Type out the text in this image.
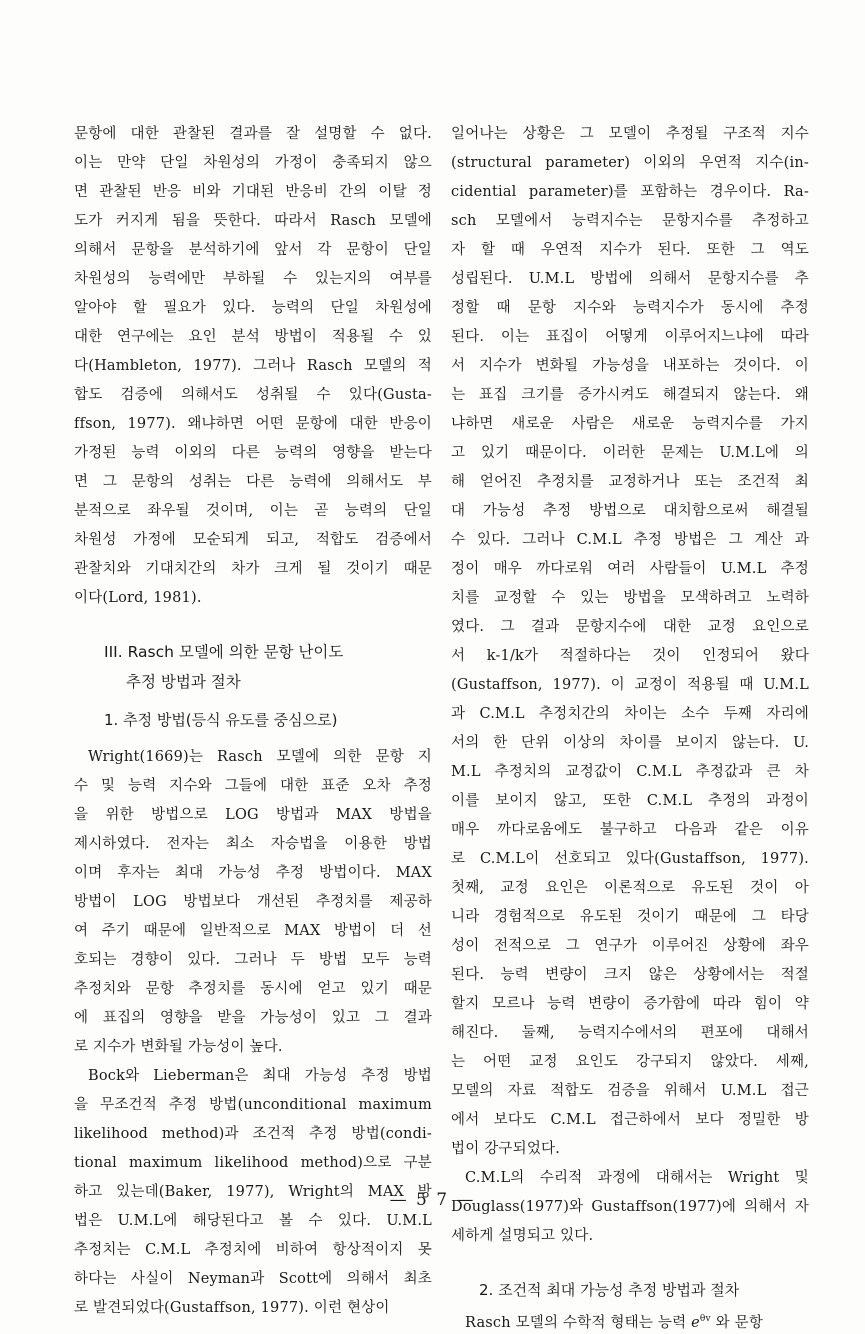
문항에 대한 관찰된 결과를 잘 설명할 수 없다.
이는 만약 단일 차원성의 가정이 충족되지 않으
면 관찰된 반응 비와 기대된 반응비 간의 이탈 정
도가 커지게 됨을 뜻한다. 따라서 Rasch 모델에
의해서 문항을 분석하기에 앞서 각 문항이 단일
차원성의 능력에만 부하될 수 있는지의 여부를
알아야 할 필요가 있다. 능력의 단일 차원성에
대한 연구에는 요인 분석 방법이 적용될 수 있
다(Hambleton, 1977). 그러나 Rasch 모델의 적
합도 검증에 의해서도 성취될 수 있다(Gusta-
ffson, 1977). 왜냐하면 어떤 문항에 대한 반응이
가정된 능력 이외의 다른 능력의 영향을 받는다
면 그 문항의 성취는 다른 능력에 의해서도 부
분적으로 좌우될 것이며, 이는 곧 능력의 단일
차원성 가정에 모순되게 되고, 적합도 검증에서
관찰치와 기대치간의 차가 크게 될 것이기 때문
이다(Lord, 1981).
III. Rasch 모델에 의한 문항 난이도
추정 방법과 절차
1. 추정 방법(등식 유도를 중심으로)
Wright(1669)는 Rasch 모델에 의한 문항 지
수 및 능력 지수와 그들에 대한 표준 오차 추정
을 위한 방법으로 LOG 방법과 MAX 방법을
제시하였다. 전자는 최소 자승법을 이용한 방법
이며 후자는 최대 가능성 추정 방법이다. MAX
방법이 LOG 방법보다 개선된 추정치를 제공하
여 주기 때문에 일반적으로 MAX 방법이 더 선
호되는 경향이 있다. 그러나 두 방법 모두 능력
추정치와 문항 추정치를 동시에 얻고 있기 때문
에 표집의 영향을 받을 가능성이 있고 그 결과
로 지수가 변화될 가능성이 높다.
Bock와 Lieberman은 최대 가능성 추정 방법
을 무조건적 추정 방법(unconditional maximum
likelihood method)과 조건적 추정 방법(condi-
tional maximum likelihood method)으로 구분
하고 있는데(Baker, 1977), Wright의 MAX 방
법은 U.M.L에 해당된다고 볼 수 있다. U.M.L
추정치는 C.M.L 추정치에 비하여 항상적이지 못
하다는 사실이 Neyman과 Scott에 의해서 최초
로 발견되었다(Gustaffson, 1977). 이런 현상이
일어나는 상황은 그 모델이 추정될 구조적 지수
(structural parameter) 이외의 우연적 지수(in-
cidential parameter)를 포함하는 경우이다. Ra-
sch 모델에서 능력지수는 문항지수를 추정하고
자 할 때 우연적 지수가 된다. 또한 그 역도
성립된다. U.M.L 방법에 의해서 문항지수를 추
정할 때 문항 지수와 능력지수가 동시에 추정
된다. 이는 표집이 어떻게 이루어지느냐에 따라
서 지수가 변화될 가능성을 내포하는 것이다. 이
는 표집 크기를 증가시켜도 해결되지 않는다. 왜
냐하면 새로운 사람은 새로운 능력지수를 가지
고 있기 때문이다. 이러한 문제는 U.M.L에 의
해 얻어진 추정치를 교정하거나 또는 조건적 최
대 가능성 추정 방법으로 대치함으로써 해결될
수 있다. 그러나 C.M.L 추정 방법은 그 계산 과
정이 매우 까다로워 여러 사람들이 U.M.L 추정
치를 교정할 수 있는 방법을 모색하려고 노력하
였다. 그 결과 문항지수에 대한 교정 요인으로
서 k-1/k가 적절하다는 것이 인정되어 왔다
(Gustaffson, 1977). 이 교정이 적용될 때 U.M.L
과 C.M.L 추정치간의 차이는 소수 두째 자리에
서의 한 단위 이상의 차이를 보이지 않는다. U.
M.L 추정치의 교정값이 C.M.L 추정값과 큰 차
이를 보이지 않고, 또한 C.M.L 추정의 과정이
매우 까다로움에도 불구하고 다음과 같은 이유
로 C.M.L이 선호되고 있다(Gustaffson, 1977).
첫째, 교정 요인은 이론적으로 유도된 것이 아
니라 경험적으로 유도된 것이기 때문에 그 타당
성이 전적으로 그 연구가 이루어진 상황에 좌우
된다. 능력 변량이 크지 않은 상황에서는 적절
할지 모르나 능력 변량이 증가함에 따라 힘이 약
해진다. 둘째, 능력지수에서의 편포에 대해서
는 어떤 교정 요인도 강구되지 않았다. 세째,
모델의 자료 적합도 검증을 위해서 U.M.L 접근
에서 보다도 C.M.L 접근하에서 보다 정밀한 방
법이 강구되었다.
C.M.L의 수리적 과정에 대해서는 Wright 및
Douglass(1977)와 Gustaffson(1977)에 의해서 자
세하게 설명되고 있다.
2. 조건적 최대 가능성 추정 방법과 절차
Rasch 모델의 수학적 형태는 능력 $e^{\theta v}$ 와 문항
— 5 7 —
